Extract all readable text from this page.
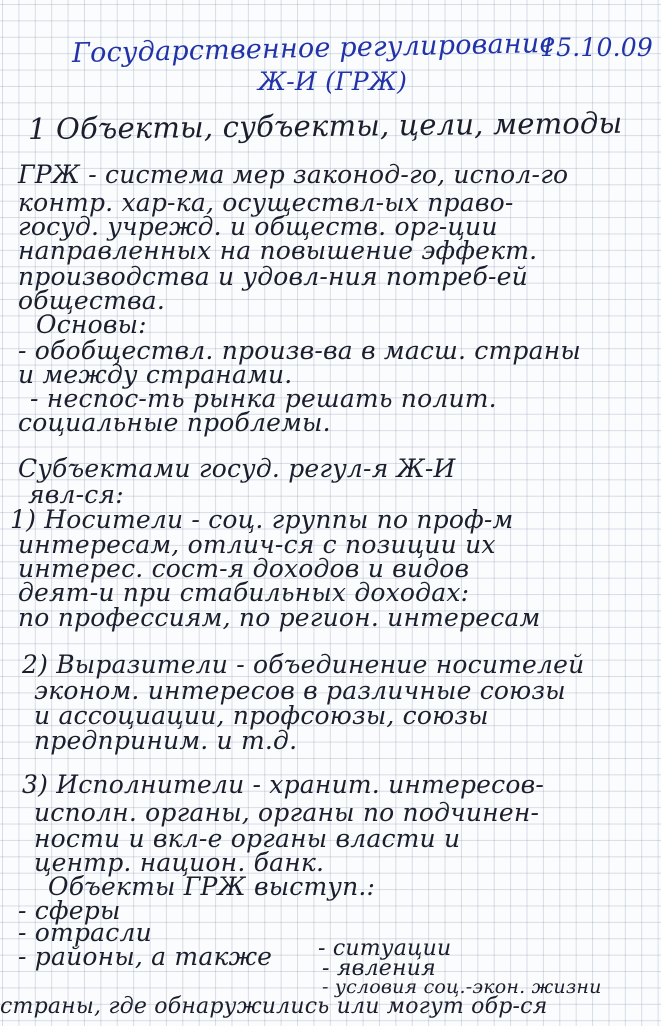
Государственное регулирование
15.10.09
Ж-И (ГРЖ)
1 Объекты, субъекты, цели, методы
ГРЖ - система мер законод-го, испол-го
контр. хар-ка, осуществл-ых право-
госуд. учрежд. и обществ. орг-ции
направленных на повышение эффект.
производства и удовл-ния потреб-ей
общества.
Основы:
- обобществл. произв-ва в масш. страны
и между странами.
- неспос-ть рынка решать полит.
социальные проблемы.
Субъектами госуд. регул-я Ж-И
явл-ся:
1) Носители - соц. группы по проф-м
интересам, отлич-ся с позиции их
интерес. сост-я доходов и видов
деят-и при стабильных доходах:
по профессиям, по регион. интересам
2) Выразители - объединение носителей
эконом. интересов в различные союзы
и ассоциации, профсоюзы, союзы
предприним. и т.д.
3) Исполнители - хранит. интересов-
исполн. органы, органы по подчинен-
ности и вкл-е органы власти и
центр. национ. банк.
Объекты ГРЖ выступ.:
- сферы
- отрасли
- районы, а также - ситуации
- явления
- условия соц.-экон. жизни
страны, где обнаружились или могут обр-ся
